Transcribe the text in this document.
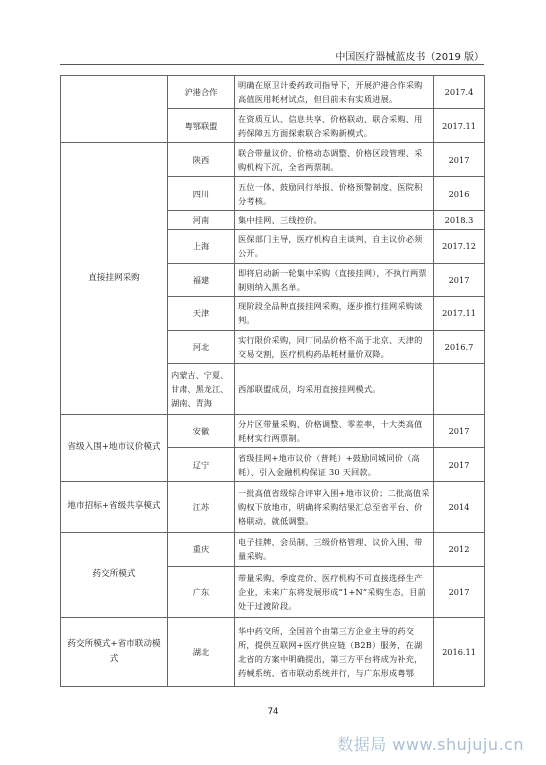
中国医疗器械蓝皮书（2019 版）
	沪港合作	明确在原卫计委药政司指导下，开展沪港合作采购高值医用耗材试点，但目前未有实质进展。	2017.4
	粤鄂联盟	在资质互认、信息共享、价格联动、联合采购、用药保障五方面探索联合采购新模式。	2017.11
直接挂网采购	陕西	联合带量议价、价格动态调整、价格区段管理、采购机构下沉，全省两票制。	2017
	四川	五位一体、鼓励同行举报、价格预警制度、医院积分考核。	2016
	河南	集中挂网、三线控价。	2018.3
	上海	医保部门主导，医疗机构自主谈判，自主议价必须公开。	2017.12
	福建	即将启动新一轮集中采购（直接挂网），不执行两票制则纳入黑名单。	2017
	天津	现阶段全品种直接挂网采购，逐步推行挂网采购谈判。	2017.11
	河北	实行限价采购，同厂同品价格不高于北京、天津的交易交割，医疗机构药品耗材量价双降。	2016.7
	内蒙古、宁夏、甘肃、黑龙江、湖南、青海	西部联盟成员，均采用直接挂网模式。	
省级入围+地市议价模式	安徽	分片区带量采购、价格调整、零差率，十大类高值耗材实行两票制。	2017
	辽宁	省级挂网+地市议价（普耗）+鼓励同城同价（高耗）、引入金融机构保证 30 天回款。	2017
地市招标+省级共享模式	江苏	一批高值省级综合评审入围+地市议价；二批高值采购权下放地市，明确将采购结果汇总至省平台、价格联动、就低调整。	2014
药交所模式	重庆	电子挂牌、会员制、三级价格管理、议价入围、带量采购。	2012
	广东	带量采购、季度竞价、医疗机构不可直接选择生产企业，未来广东将发展形成“1+N”采购生态，目前处于过渡阶段。	2017
药交所模式+省市联动模式	湖北	华中药交所，全国首个由第三方企业主导的药交所，提供互联网+医疗供应链（B2B）服务，在湖北省的方案中明确提出，第三方平台将成为补充，药械系统、省市联动系统并行，与广东形成粤鄂	2016.11
74
数据局 www.shujuju.cn
